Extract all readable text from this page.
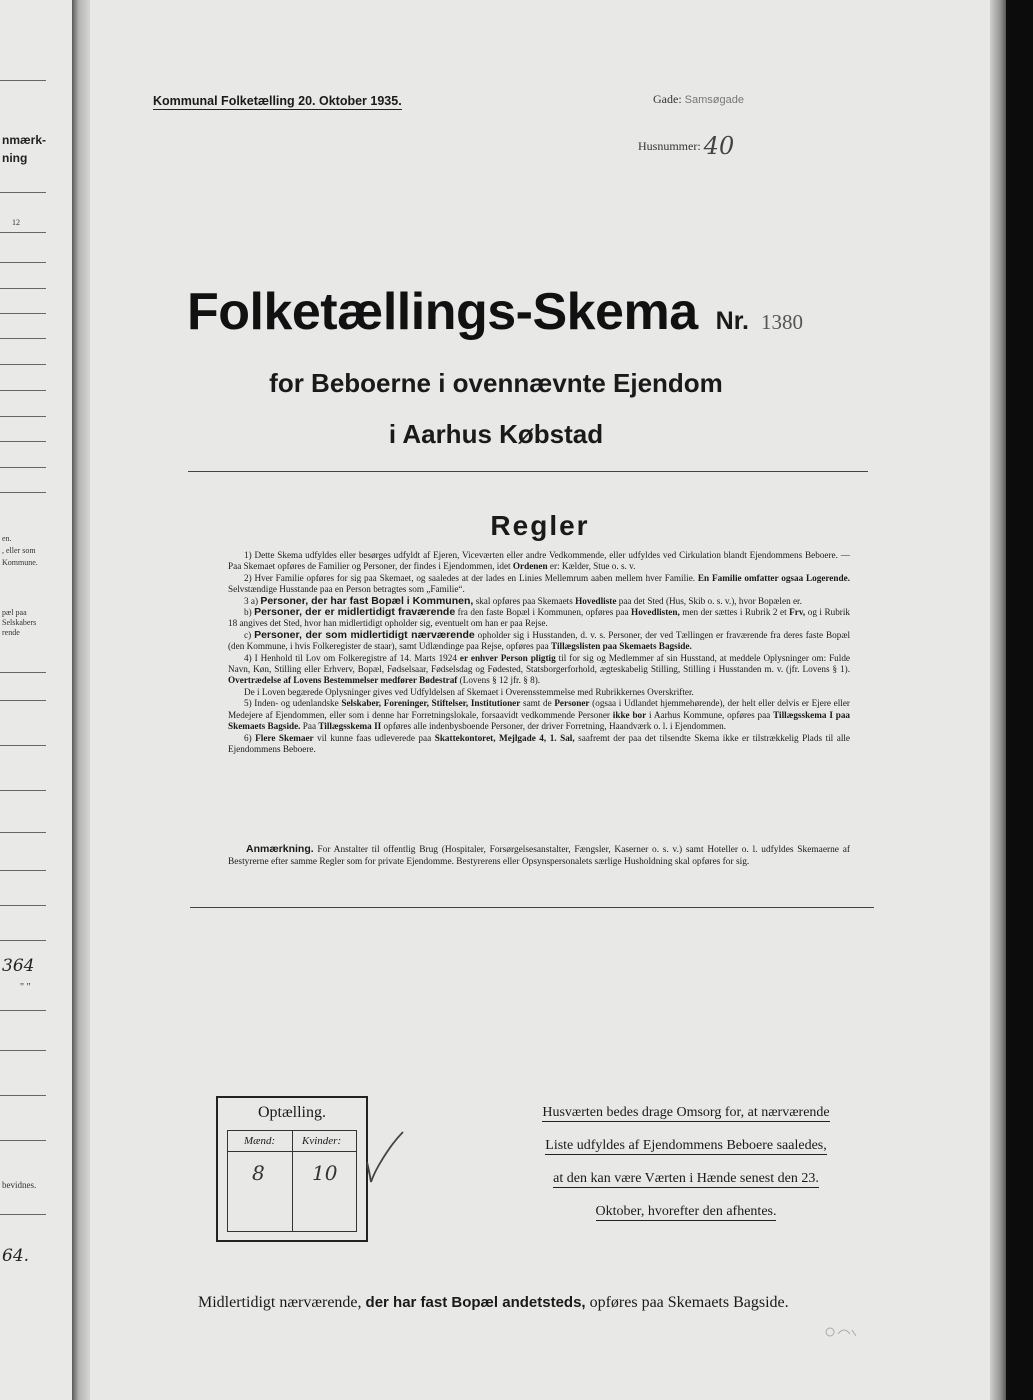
nmærk-
ning
12
en.
, eller som
Kommune.
pæl paa
Selskabers
rende
364
" "
bevidnes.
64.
Kommunal Folketælling 20. Oktober 1935.	Gade: Samsøgade
Husnummer: 40
Folketællings-Skema Nr. 1380
for Beboerne i ovennævnte Ejendom
i Aarhus Købstad
Regler

1) Dette Skema udfyldes eller besørges udfyldt af Ejeren, Viceværten eller andre Vedkommende, eller udfyldes ved Cirkulation blandt Ejendommens Beboere. — Paa Skemaet opføres de Familier og Personer, der findes i Ejendommen, idet Ordenen er: Kælder, Stue o. s. v.

2) Hver Familie opføres for sig paa Skemaet, og saaledes at der lades en Linies Mellemrum aaben mellem hver Familie. En Familie omfatter ogsaa Logerende. Selvstændige Husstande paa en Person betragtes som „Familie“.

3 a) Personer, der har fast Bopæl i Kommunen, skal opføres paa Skemaets Hovedliste paa det Sted (Hus, Skib o. s. v.), hvor Bopælen er.

b) Personer, der er midlertidigt fraværende fra den faste Bopæl i Kommunen, opføres paa Hovedlisten, men der sættes i Rubrik 2 et Frv, og i Rubrik 18 angives det Sted, hvor han midlertidigt opholder sig, eventuelt om han er paa Rejse.

c) Personer, der som midlertidigt nærværende opholder sig i Husstanden, d. v. s. Personer, der ved Tællingen er fraværende fra deres faste Bopæl (den Kommune, i hvis Folkeregister de staar), samt Udlændinge paa Rejse, opføres paa Tillægslisten paa Skemaets Bagside.

4) I Henhold til Lov om Folkeregistre af 14. Marts 1924 er enhver Person pligtig til for sig og Medlemmer af sin Husstand, at meddele Oplysninger om: Fulde Navn, Køn, Stilling eller Erhverv, Bopæl, Fødselsaar, Fødselsdag og Fødested, Statsborgerforhold, ægteskabelig Stilling, Stilling i Husstanden m. v. (jfr. Lovens § 1). Overtrædelse af Lovens Bestemmelser medfører Bødestraf (Lovens § 12 jfr. § 8).

De i Loven begærede Oplysninger gives ved Udfyldelsen af Skemaet i Overensstemmelse med Rubrikkernes Overskrifter.

5) Inden- og udenlandske Selskaber, Foreninger, Stiftelser, Institutioner samt de Personer (ogsaa i Udlandet hjemmehørende), der helt eller delvis er Ejere eller Medejere af Ejendommen, eller som i denne har Forretningslokale, forsaavidt vedkommende Personer ikke bor i Aarhus Kommune, opføres paa Tillægsskema I paa Skemaets Bagside. Paa Tillægsskema II opføres alle indenbysboende Personer, der driver Forretning, Haandværk o. l. i Ejendommen.

6) Flere Skemaer vil kunne faas udleverede paa Skattekontoret, Mejlgade 4, 1. Sal, saafremt der paa det tilsendte Skema ikke er tilstrækkelig Plads til alle Ejendommens Beboere.

Anmærkning. For Anstalter til offentlig Brug (Hospitaler, Forsørgelsesanstalter, Fængsler, Kaserner o. s. v.) samt Hoteller o. l. udfyldes Skemaerne af Bestyrerne efter samme Regler som for private Ejendomme. Bestyrerens eller Opsynspersonalets særlige Husholdning skal opføres for sig.

Optælling.
Mænd: Kvinder:
8 10
Husværten bedes drage Omsorg for, at nærværende
Liste udfyldes af Ejendommens Beboere saaledes,
at den kan være Værten i Hænde senest den 23.
Oktober, hvorefter den afhentes.
Midlertidigt nærværende, der har fast Bopæl andetsteds, opføres paa Skemaets Bagside.
